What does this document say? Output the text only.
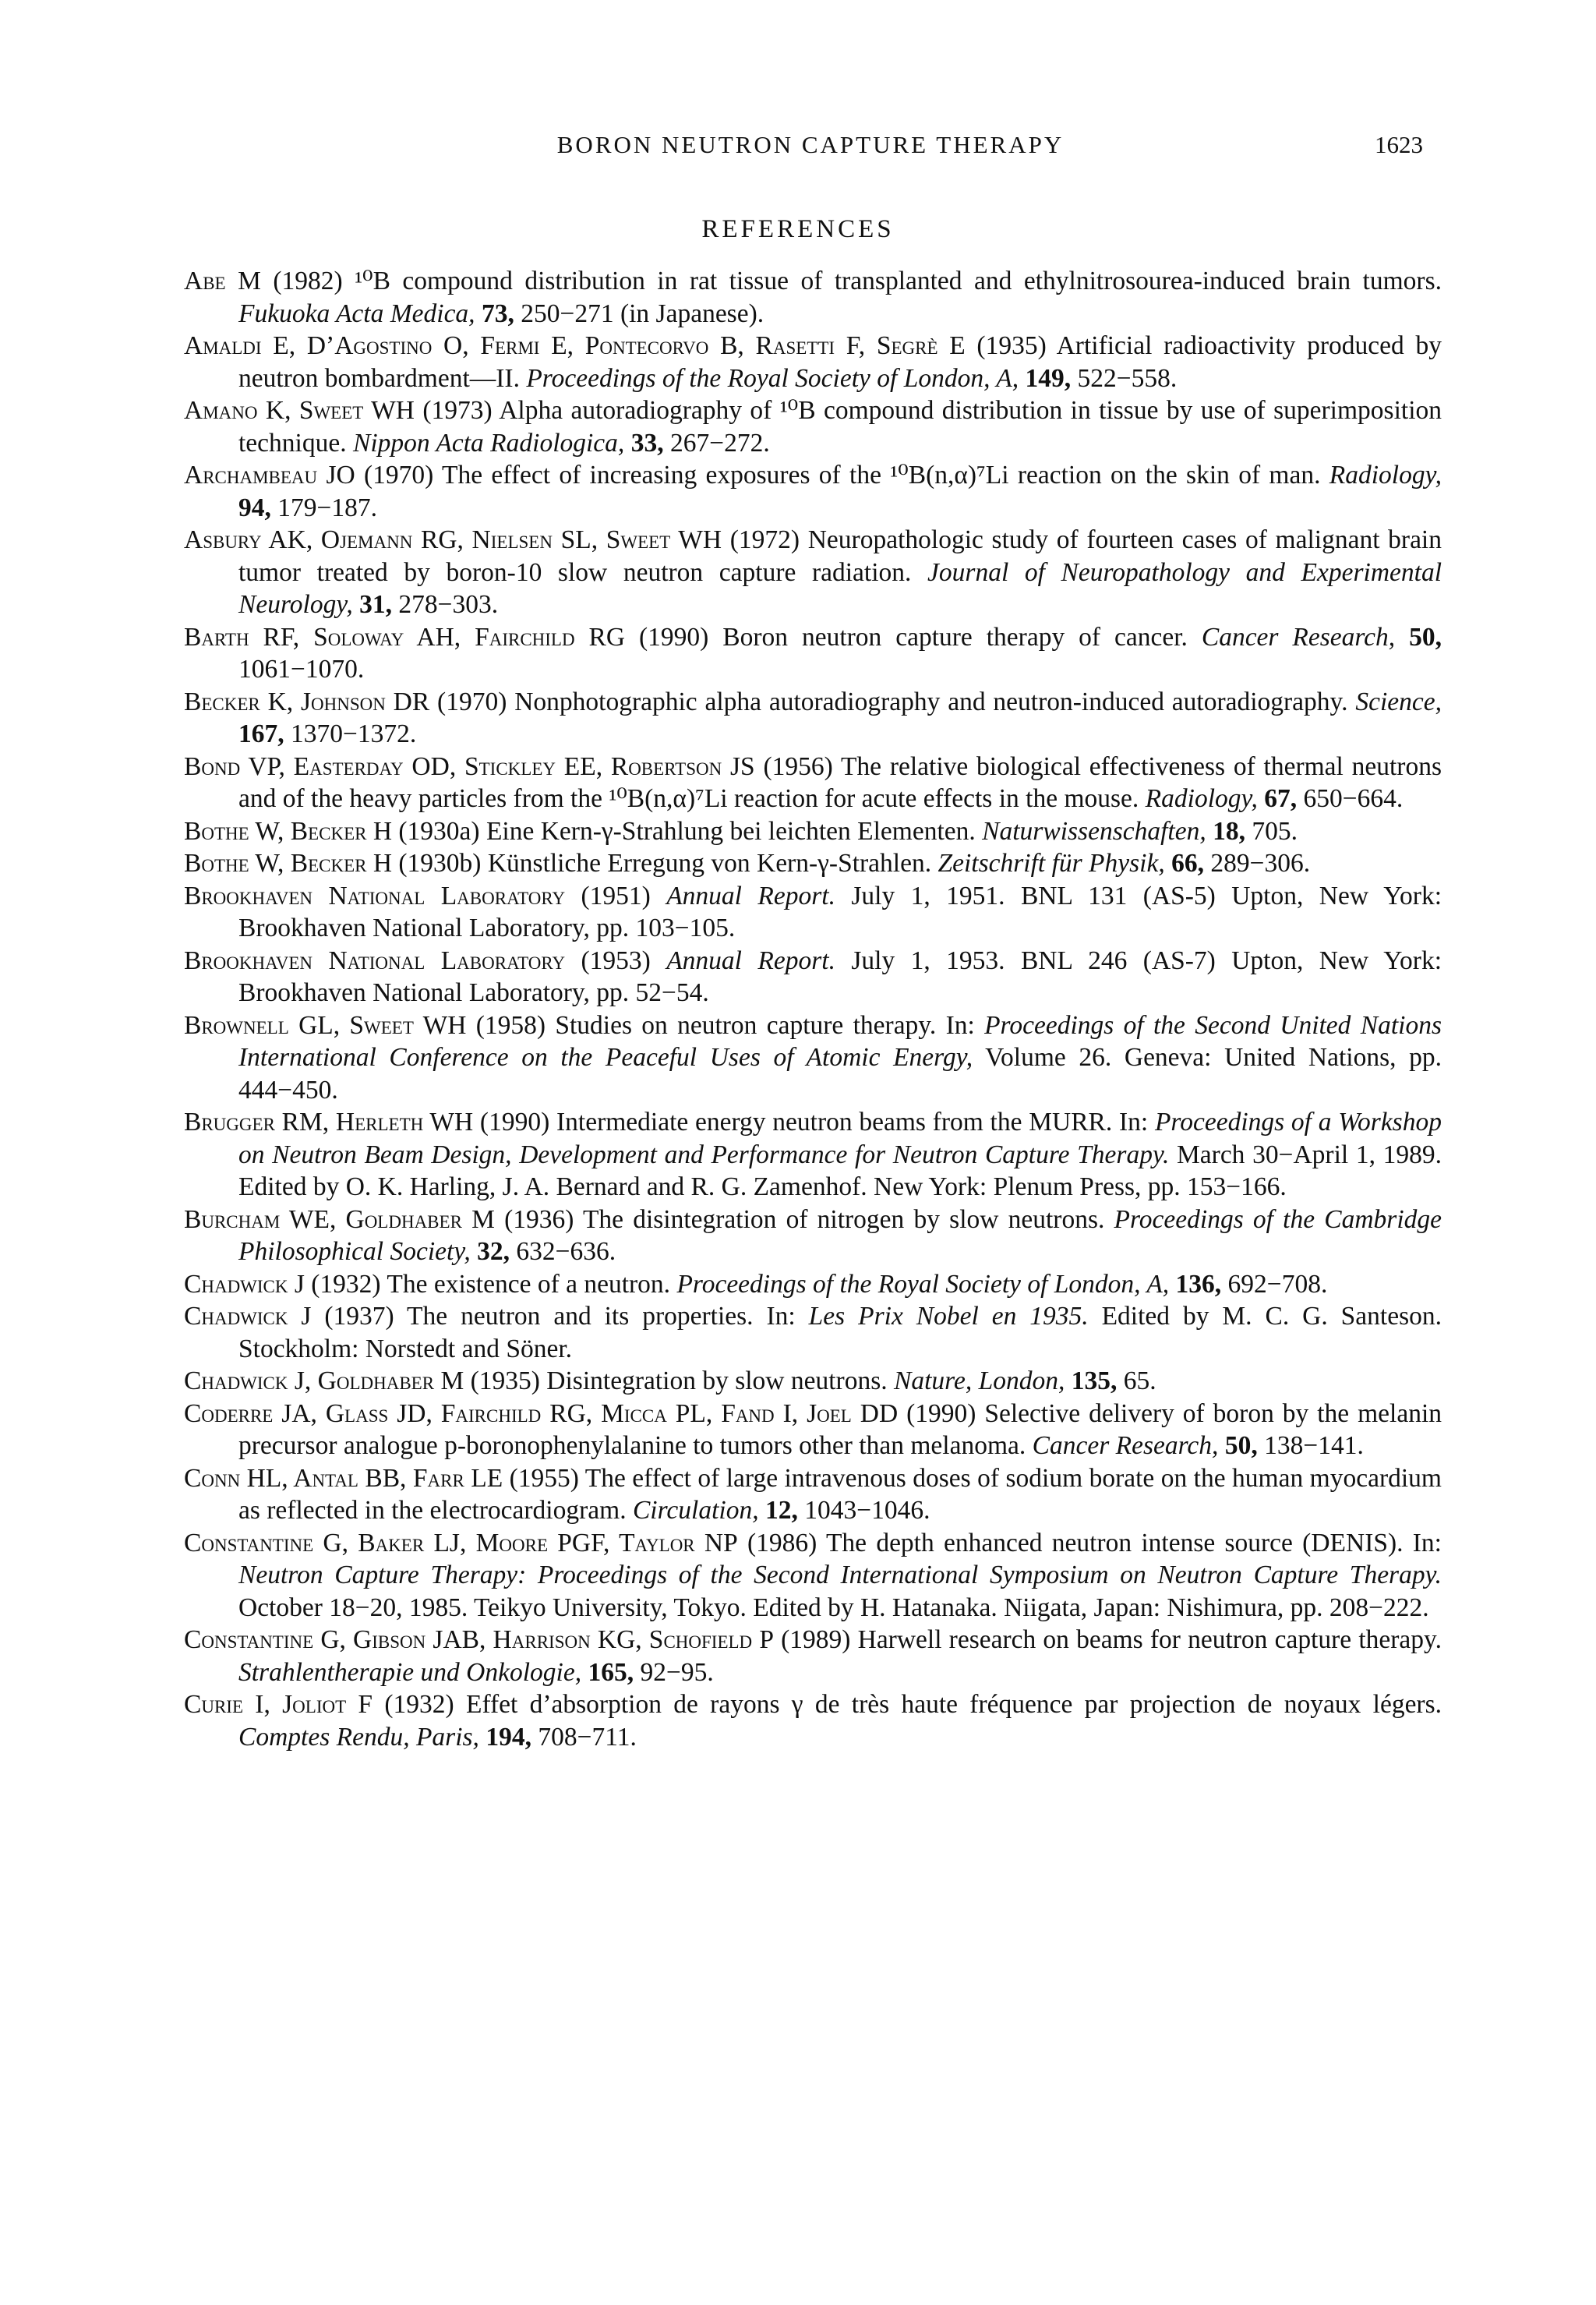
BORON NEUTRON CAPTURE THERAPY	1623
REFERENCES
Abe M (1982) ¹⁰B compound distribution in rat tissue of transplanted and ethylnitrosourea-induced brain tumors. Fukuoka Acta Medica, 73, 250−271 (in Japanese).
Amaldi E, D’Agostino O, Fermi E, Pontecorvo B, Rasetti F, Segrè E (1935) Artificial radioactivity produced by neutron bombardment—II. Proceedings of the Royal Society of London, A, 149, 522−558.
Amano K, Sweet WH (1973) Alpha autoradiography of ¹⁰B compound distribution in tissue by use of superimposition technique. Nippon Acta Radiologica, 33, 267−272.
Archambeau JO (1970) The effect of increasing exposures of the ¹⁰B(n,α)⁷Li reaction on the skin of man. Radiology, 94, 179−187.
Asbury AK, Ojemann RG, Nielsen SL, Sweet WH (1972) Neuropathologic study of fourteen cases of malignant brain tumor treated by boron-10 slow neutron capture radiation. Journal of Neuropathology and Experimental Neurology, 31, 278−303.
Barth RF, Soloway AH, Fairchild RG (1990) Boron neutron capture therapy of cancer. Cancer Research, 50, 1061−1070.
Becker K, Johnson DR (1970) Nonphotographic alpha autoradiography and neutron-induced autoradiography. Science, 167, 1370−1372.
Bond VP, Easterday OD, Stickley EE, Robertson JS (1956) The relative biological effectiveness of thermal neutrons and of the heavy particles from the ¹⁰B(n,α)⁷Li reaction for acute effects in the mouse. Radiology, 67, 650−664.
Bothe W, Becker H (1930a) Eine Kern-γ-Strahlung bei leichten Elementen. Naturwissenschaften, 18, 705.
Bothe W, Becker H (1930b) Künstliche Erregung von Kern-γ-Strahlen. Zeitschrift für Physik, 66, 289−306.
Brookhaven National Laboratory (1951) Annual Report. July 1, 1951. BNL 131 (AS-5) Upton, New York: Brookhaven National Laboratory, pp. 103−105.
Brookhaven National Laboratory (1953) Annual Report. July 1, 1953. BNL 246 (AS-7) Upton, New York: Brookhaven National Laboratory, pp. 52−54.
Brownell GL, Sweet WH (1958) Studies on neutron capture therapy. In: Proceedings of the Second United Nations International Conference on the Peaceful Uses of Atomic Energy, Volume 26. Geneva: United Nations, pp. 444−450.
Brugger RM, Herleth WH (1990) Intermediate energy neutron beams from the MURR. In: Proceedings of a Workshop on Neutron Beam Design, Development and Performance for Neutron Capture Therapy. March 30−April 1, 1989. Edited by O. K. Harling, J. A. Bernard and R. G. Zamenhof. New York: Plenum Press, pp. 153−166.
Burcham WE, Goldhaber M (1936) The disintegration of nitrogen by slow neutrons. Proceedings of the Cambridge Philosophical Society, 32, 632−636.
Chadwick J (1932) The existence of a neutron. Proceedings of the Royal Society of London, A, 136, 692−708.
Chadwick J (1937) The neutron and its properties. In: Les Prix Nobel en 1935. Edited by M. C. G. Santeson. Stockholm: Norstedt and Söner.
Chadwick J, Goldhaber M (1935) Disintegration by slow neutrons. Nature, London, 135, 65.
Coderre JA, Glass JD, Fairchild RG, Micca PL, Fand I, Joel DD (1990) Selective delivery of boron by the melanin precursor analogue p-boronophenylalanine to tumors other than melanoma. Cancer Research, 50, 138−141.
Conn HL, Antal BB, Farr LE (1955) The effect of large intravenous doses of sodium borate on the human myocardium as reflected in the electrocardiogram. Circulation, 12, 1043−1046.
Constantine G, Baker LJ, Moore PGF, Taylor NP (1986) The depth enhanced neutron intense source (DENIS). In: Neutron Capture Therapy: Proceedings of the Second International Symposium on Neutron Capture Therapy. October 18−20, 1985. Teikyo University, Tokyo. Edited by H. Hatanaka. Niigata, Japan: Nishimura, pp. 208−222.
Constantine G, Gibson JAB, Harrison KG, Schofield P (1989) Harwell research on beams for neutron capture therapy. Strahlentherapie und Onkologie, 165, 92−95.
Curie I, Joliot F (1932) Effet d’absorption de rayons γ de très haute fréquence par projection de noyaux légers. Comptes Rendu, Paris, 194, 708−711.
